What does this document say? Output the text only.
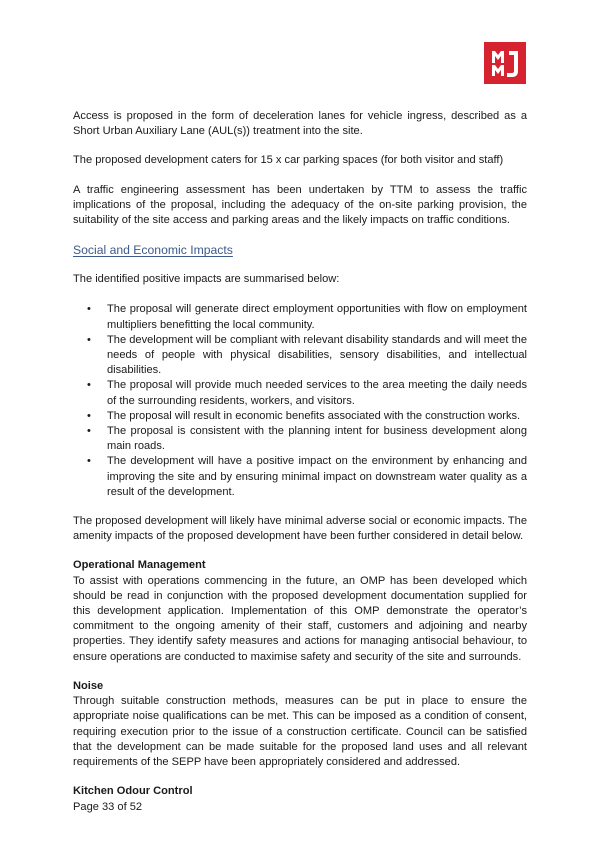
Access is proposed in the form of deceleration lanes for vehicle ingress, described as a Short Urban Auxiliary Lane (AUL(s)) treatment into the site.

The proposed development caters for 15 x car parking spaces (for both visitor and staff)

A traffic engineering assessment has been undertaken by TTM to assess the traffic implications of the proposal, including the adequacy of the on-site parking provision, the suitability of the site access and parking areas and the likely impacts on traffic conditions.

Social and Economic Impacts

The identified positive impacts are summarised below:

• The proposal will generate direct employment opportunities with flow on employment multipliers benefitting the local community.
• The development will be compliant with relevant disability standards and will meet the needs of people with physical disabilities, sensory disabilities, and intellectual disabilities.
• The proposal will provide much needed services to the area meeting the daily needs of the surrounding residents, workers, and visitors.
• The proposal will result in economic benefits associated with the construction works.
• The proposal is consistent with the planning intent for business development along main roads.
• The development will have a positive impact on the environment by enhancing and improving the site and by ensuring minimal impact on downstream water quality as a result of the development.

The proposed development will likely have minimal adverse social or economic impacts. The amenity impacts of the proposed development have been further considered in detail below.

Operational Management

To assist with operations commencing in the future, an OMP has been developed which should be read in conjunction with the proposed development documentation supplied for this development application. Implementation of this OMP demonstrate the operator’s commitment to the ongoing amenity of their staff, customers and adjoining and nearby properties. They identify safety measures and actions for managing antisocial behaviour, to ensure operations are conducted to maximise safety and security of the site and surrounds.

Noise

Through suitable construction methods, measures can be put in place to ensure the appropriate noise qualifications can be met. This can be imposed as a condition of consent, requiring execution prior to the issue of a construction certificate. Council can be satisfied that the development can be made suitable for the proposed land uses and all relevant requirements of the SEPP have been appropriately considered and addressed.

Kitchen Odour Control

Page 33 of 52
